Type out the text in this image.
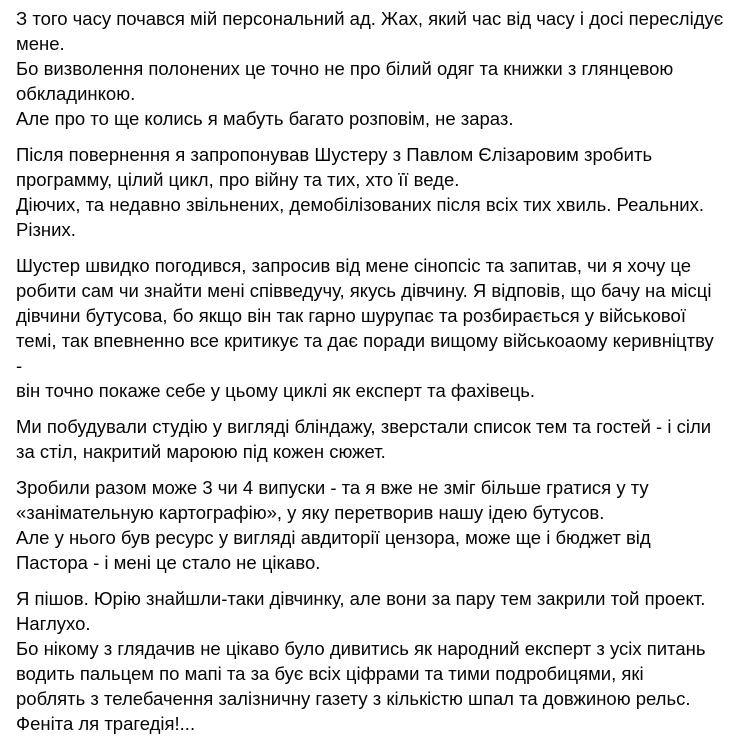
З того часу почався мій персональний ад. Жах, який час від часу і досі переслідує
мене.
Бо визволення полонених це точно не про білий одяг та книжки з глянцевою
обкладинкою.
Але про то ще колись я мабуть багато розповім, не зараз.

Після повернення я запропонував Шустеру з Павлом Єлізаровим зробить
программу, цілий цикл, про війну та тих, хто її веде.
Діючих, та недавно звільнених, демобілізованих після всіх тих хвиль. Реальних.
Різних.

Шустер швидко погодився, запросив від мене сінопсіс та запитав, чи я хочу це
робити сам чи знайти мені співведучу, якусь дівчину. Я відповів, що бачу на місці
дівчини бутусова, бо якщо він так гарно шурупає та розбирається у військової
темі, так впевненно все критикує та дає поради вищому військоаому керивніцтву
-
він точно покаже себе у цьому циклі як експерт та фахівець.

Ми побудували студію у вигляді бліндажу, зверстали список тем та гостей - і сіли
за стіл, накритий мароюю під кожен сюжет.

Зробили разом може 3 чи 4 випуски - та я вже не зміг більше гратися у ту
«занімательную картографію», у яку перетворив нашу ідею бутусов.
Але у нього був ресурс у вигляді авдиторії цензора, може ще і бюджет від
Пастора - і мені це стало не цікаво.

Я пішов. Юрію знайшли-таки дівчинку, але вони за пару тем закрили той проект.
Наглухо.
Бо нікому з глядачив не цікаво було дивитись як народний експерт з усіх питань
водить пальцем по мапі та за бує всіх ціфрами та тими подробицями, які
роблять з телебачення залізничну газету з кількістю шпал та довжиною рельс.
Феніта ля трагедія!...
